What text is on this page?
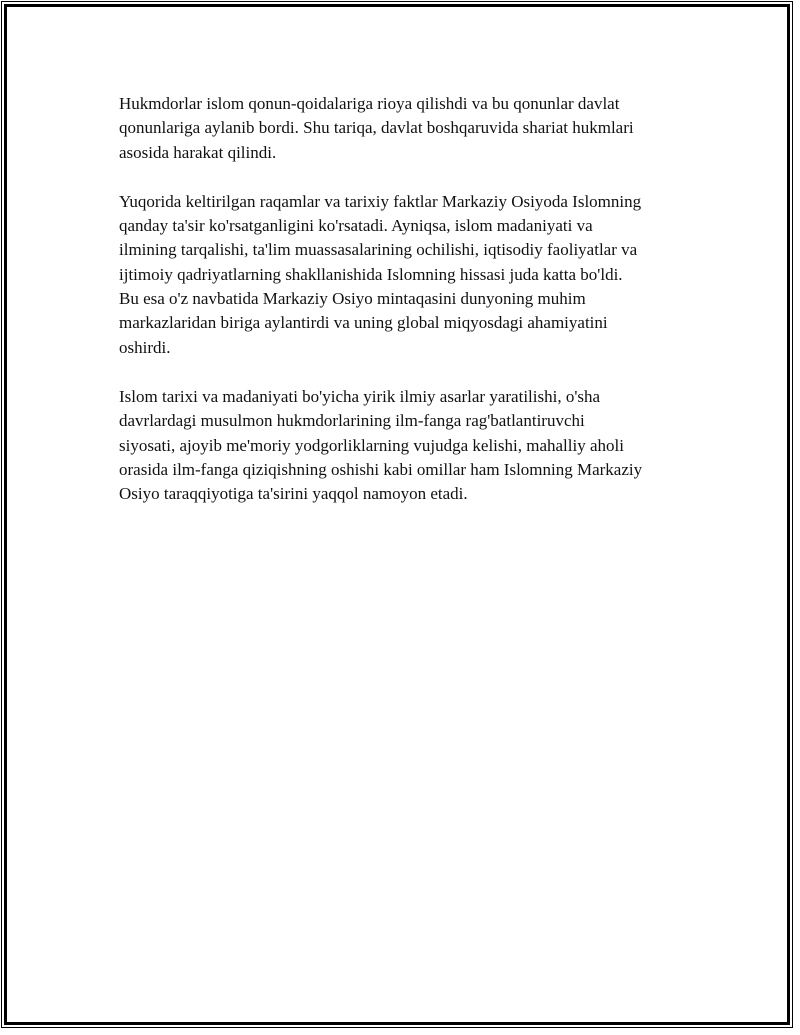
Hukmdorlar islom qonun-qoidalariga rioya qilishdi va bu qonunlar davlat
qonunlariga aylanib bordi. Shu tariqa, davlat boshqaruvida shariat hukmlari
asosida harakat qilindi.

Yuqorida keltirilgan raqamlar va tarixiy faktlar Markaziy Osiyoda Islomning
qanday ta'sir ko'rsatganligini ko'rsatadi. Ayniqsa, islom madaniyati va
ilmining tarqalishi, ta'lim muassasalarining ochilishi, iqtisodiy faoliyatlar va
ijtimoiy qadriyatlarning shakllanishida Islomning hissasi juda katta bo'ldi.
Bu esa o'z navbatida Markaziy Osiyo mintaqasini dunyoning muhim
markazlaridan biriga aylantirdi va uning global miqyosdagi ahamiyatini
oshirdi.

Islom tarixi va madaniyati bo'yicha yirik ilmiy asarlar yaratilishi, o'sha
davrlardagi musulmon hukmdorlarining ilm-fanga rag'batlantiruvchi
siyosati, ajoyib me'moriy yodgorliklarning vujudga kelishi, mahalliy aholi
orasida ilm-fanga qiziqishning oshishi kabi omillar ham Islomning Markaziy
Osiyo taraqqiyotiga ta'sirini yaqqol namoyon etadi.
